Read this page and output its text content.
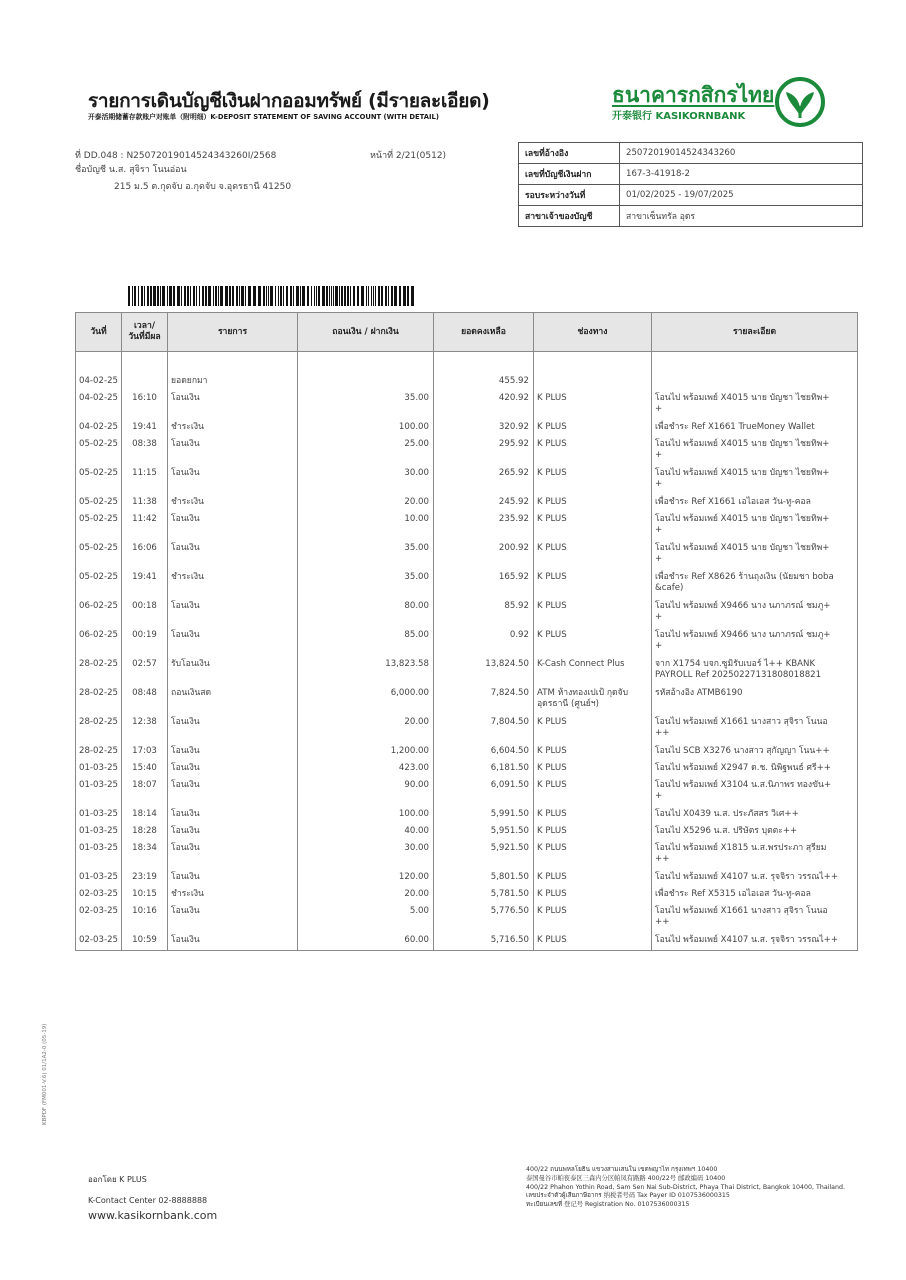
รายการเดินบัญชีเงินฝากออมทรัพย์ (มีรายละเอียด)
开泰活期储蓄存款账户对账单（附明细）K-DEPOSIT STATEMENT OF SAVING ACCOUNT (WITH DETAIL)
ธนาคารกสิกรไทย
开泰银行 KASIKORNBANK
ที่ DD.048 : N25072019014524343260I/2568	หน้าที่ 2/21(0512)
ชื่อบัญชี น.ส. สุจิรา โนนอ่อน
215 ม.5 ต.กุดจับ อ.กุดจับ จ.อุดรธานี 41250
เลขที่อ้างอิง	25072019014524343260
เลขที่บัญชีเงินฝาก	167-3-41918-2
รอบระหว่างวันที่	01/02/2025 - 19/07/2025
สาขาเจ้าของบัญชี	สาขาเซ็นทรัล อุดร
วันที่	เวลา/
วันที่มีผล	รายการ	ถอนเงิน / ฝากเงิน	ยอดคงเหลือ	ช่องทาง	รายละเอียด

04-02-25		ยอดยกมา		455.92		
04-02-25	16:10	โอนเงิน	35.00	420.92	K PLUS	โอนไป พร้อมเพย์ X4015 นาย บัญชา ไชยทิพ+
+
04-02-25	19:41	ชำระเงิน	100.00	320.92	K PLUS	เพื่อชำระ Ref X1661 TrueMoney Wallet
05-02-25	08:38	โอนเงิน	25.00	295.92	K PLUS	โอนไป พร้อมเพย์ X4015 นาย บัญชา ไชยทิพ+
+
05-02-25	11:15	โอนเงิน	30.00	265.92	K PLUS	โอนไป พร้อมเพย์ X4015 นาย บัญชา ไชยทิพ+
+
05-02-25	11:38	ชำระเงิน	20.00	245.92	K PLUS	เพื่อชำระ Ref X1661 เอไอเอส วัน-ทู-คอล
05-02-25	11:42	โอนเงิน	10.00	235.92	K PLUS	โอนไป พร้อมเพย์ X4015 นาย บัญชา ไชยทิพ+
+
05-02-25	16:06	โอนเงิน	35.00	200.92	K PLUS	โอนไป พร้อมเพย์ X4015 นาย บัญชา ไชยทิพ+
+
05-02-25	19:41	ชำระเงิน	35.00	165.92	K PLUS	เพื่อชำระ Ref X8626 ร้านถุงเงิน (นัยมชา boba
&cafe)
06-02-25	00:18	โอนเงิน	80.00	85.92	K PLUS	โอนไป พร้อมเพย์ X9466 นาง นภาภรณ์ ชมภู+
+
06-02-25	00:19	โอนเงิน	85.00	0.92	K PLUS	โอนไป พร้อมเพย์ X9466 นาง นภาภรณ์ ชมภู+
+
28-02-25	02:57	รับโอนเงิน	13,823.58	13,824.50	K-Cash Connect Plus	จาก X1754 บจก.ซูมิรับเบอร์ ไ++ KBANK
PAYROLL Ref 20250227131808018821
28-02-25	08:48	ถอนเงินสด	6,000.00	7,824.50	ATM ห้างทองเปเป้ กุดจับ
อุดรธานี (ศูนย์ฯ)	รหัสอ้างอิง ATMB6190
28-02-25	12:38	โอนเงิน	20.00	7,804.50	K PLUS	โอนไป พร้อมเพย์ X1661 นางสาว สุจิรา โนนอ
++
28-02-25	17:03	โอนเงิน	1,200.00	6,604.50	K PLUS	โอนไป SCB X3276 นางสาว สุกัญญา โนน++
01-03-25	15:40	โอนเงิน	423.00	6,181.50	K PLUS	โอนไป พร้อมเพย์ X2947 ด.ช. นิพิฐพนธ์ ศรี++
01-03-25	18:07	โอนเงิน	90.00	6,091.50	K PLUS	โอนไป พร้อมเพย์ X3104 น.ส.นิภาพร ทองขัน+
+
01-03-25	18:14	โอนเงิน	100.00	5,991.50	K PLUS	โอนไป X0439 น.ส. ประภัสสร วิเศ++
01-03-25	18:28	โอนเงิน	40.00	5,951.50	K PLUS	โอนไป X5296 น.ส. ปริษัตร บุตตะ++
01-03-25	18:34	โอนเงิน	30.00	5,921.50	K PLUS	โอนไป พร้อมเพย์ X1815 น.ส.พรประภา สุรียม
++
01-03-25	23:19	โอนเงิน	120.00	5,801.50	K PLUS	โอนไป พร้อมเพย์ X4107 น.ส. รุจจิรา วรรณไ++
02-03-25	10:15	ชำระเงิน	20.00	5,781.50	K PLUS	เพื่อชำระ Ref X5315 เอไอเอส วัน-ทู-คอล
02-03-25	10:16	โอนเงิน	5.00	5,776.50	K PLUS	โอนไป พร้อมเพย์ X1661 นางสาว สุจิรา โนนอ
++
02-03-25	10:59	โอนเงิน	60.00	5,716.50	K PLUS	โอนไป พร้อมเพย์ X4107 น.ส. รุจจิรา วรรณไ++
KBPDF (FM001-V.6) 01/1A2-0 (05-19)
ออกโดย K PLUS
K-Contact Center 02-8888888
www.kasikornbank.com
400/22 ถนนพหลโยธิน แขวงสามเสนใน เขตพญาไท กรุงเทพฯ 10400
泰国曼谷市帕夜泰区三森内分区帕凤有路路 400/22号 邮政编码 10400
400/22 Phahon Yothin Road, Sam Sen Nai Sub-District, Phaya Thai District, Bangkok 10400, Thailand.
เลขประจำตัวผู้เสียภาษีอากร 纳税者号码 Tax Payer ID 0107536000315
ทะเบียนเลขที่ 登记号 Registration No. 0107536000315
